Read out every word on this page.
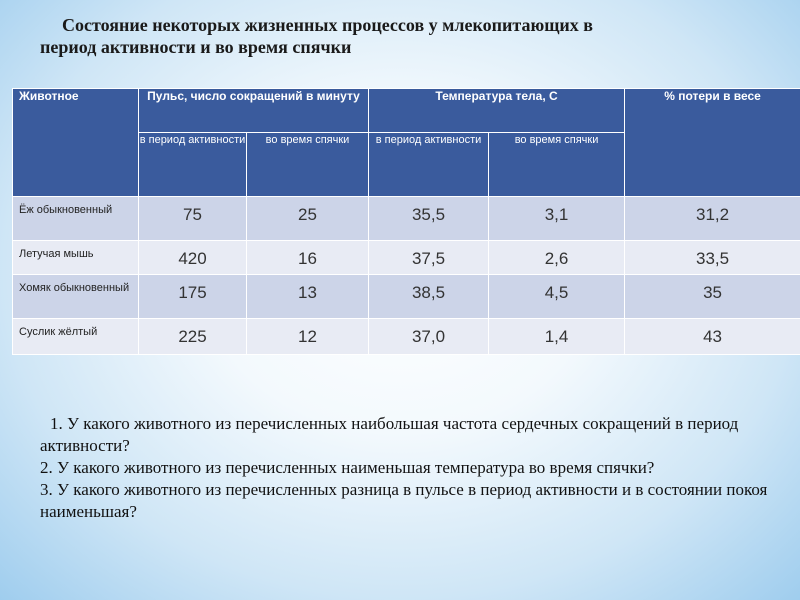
Состояние некоторых жизненных процессов у млекопитающих в
период активности и во время спячки
Животное	Пульс, число сокращений в минуту		Температура тела, С		% потери в весе
	в период активности	во время спячки	в период активности	во время спячки	
Ёж обыкновенный	75	25	35,5	3,1	31,2
Летучая мышь	420	16	37,5	2,6	33,5
Хомяк обыкновенный	175	13	38,5	4,5	35
Суслик жёлтый	225	12	37,0	1,4	43

1. У какого животного из перечисленных наибольшая частота сердечных сокращений в период активности?

2. У какого животного из перечисленных наименьшая температура во время спячки?

3. У какого животного из перечисленных разница в пульсе в период активности и в состоянии покоя наименьшая?
